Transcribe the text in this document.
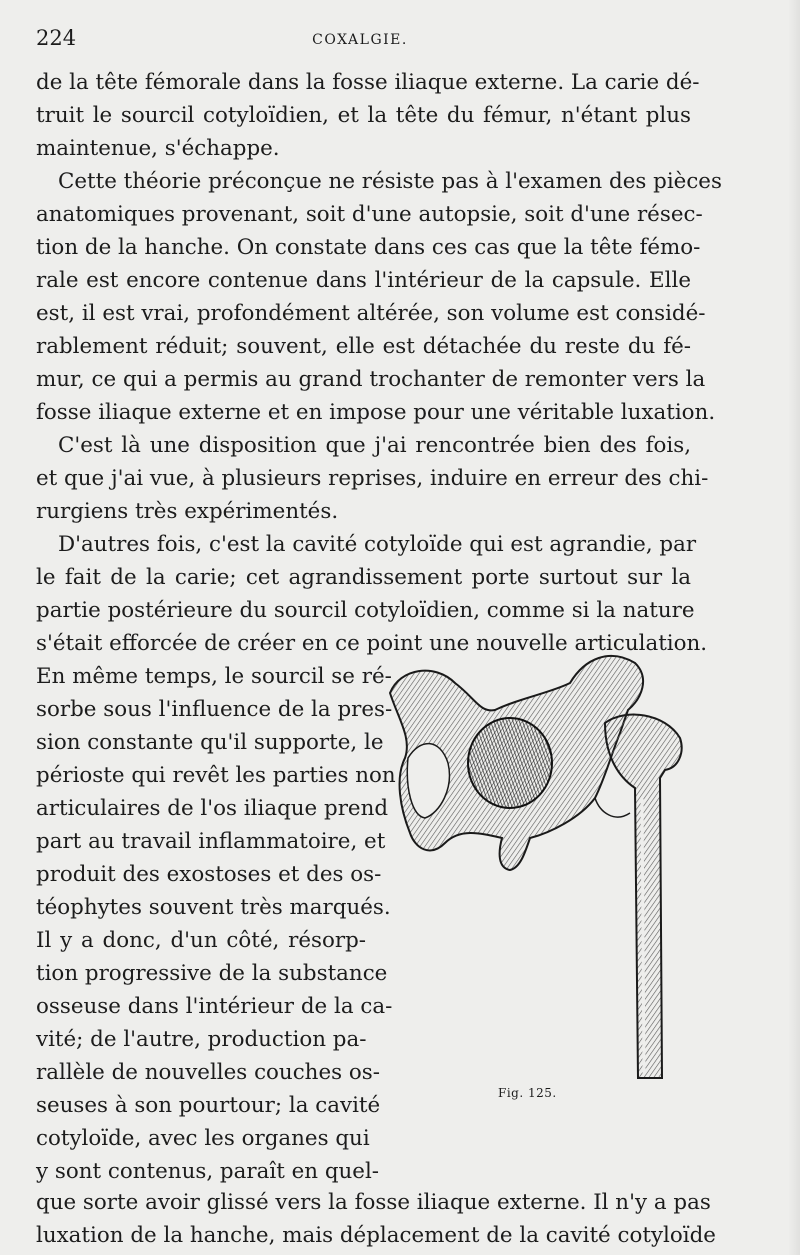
224	COXALGIE.
de la tête fémorale dans la fosse iliaque externe. La carie dé-
truit le sourcil cotyloïdien, et la tête du fémur, n'étant plus
maintenue, s'échappe.
Cette théorie préconçue ne résiste pas à l'examen des pièces
anatomiques provenant, soit d'une autopsie, soit d'une résec-
tion de la hanche. On constate dans ces cas que la tête fémo-
rale est encore contenue dans l'intérieur de la capsule. Elle
est, il est vrai, profondément altérée, son volume est considé-
rablement réduit; souvent, elle est détachée du reste du fé-
mur, ce qui a permis au grand trochanter de remonter vers la
fosse iliaque externe et en impose pour une véritable luxation.
C'est là une disposition que j'ai rencontrée bien des fois,
et que j'ai vue, à plusieurs reprises, induire en erreur des chi-
rurgiens très expérimentés.
D'autres fois, c'est la cavité cotyloïde qui est agrandie, par
le fait de la carie; cet agrandissement porte surtout sur la
partie postérieure du sourcil cotyloïdien, comme si la nature
s'était efforcée de créer en ce point une nouvelle articulation.
En même temps, le sourcil se ré-
sorbe sous l'influence de la pres-
sion constante qu'il supporte, le
périoste qui revêt les parties non
articulaires de l'os iliaque prend
part au travail inflammatoire, et
produit des exostoses et des os-
téophytes souvent très marqués.
Il y a donc, d'un côté, résorp-
tion progressive de la substance
osseuse dans l'intérieur de la ca-
vité; de l'autre, production pa-
rallèle de nouvelles couches os-
seuses à son pourtour; la cavité
cotyloïde, avec les organes qui
y sont contenus, paraît en quel-
que sorte avoir glissé vers la fosse iliaque externe. Il n'y a pas
luxation de la hanche, mais déplacement de la cavité cotyloïde
Fig. 125.
